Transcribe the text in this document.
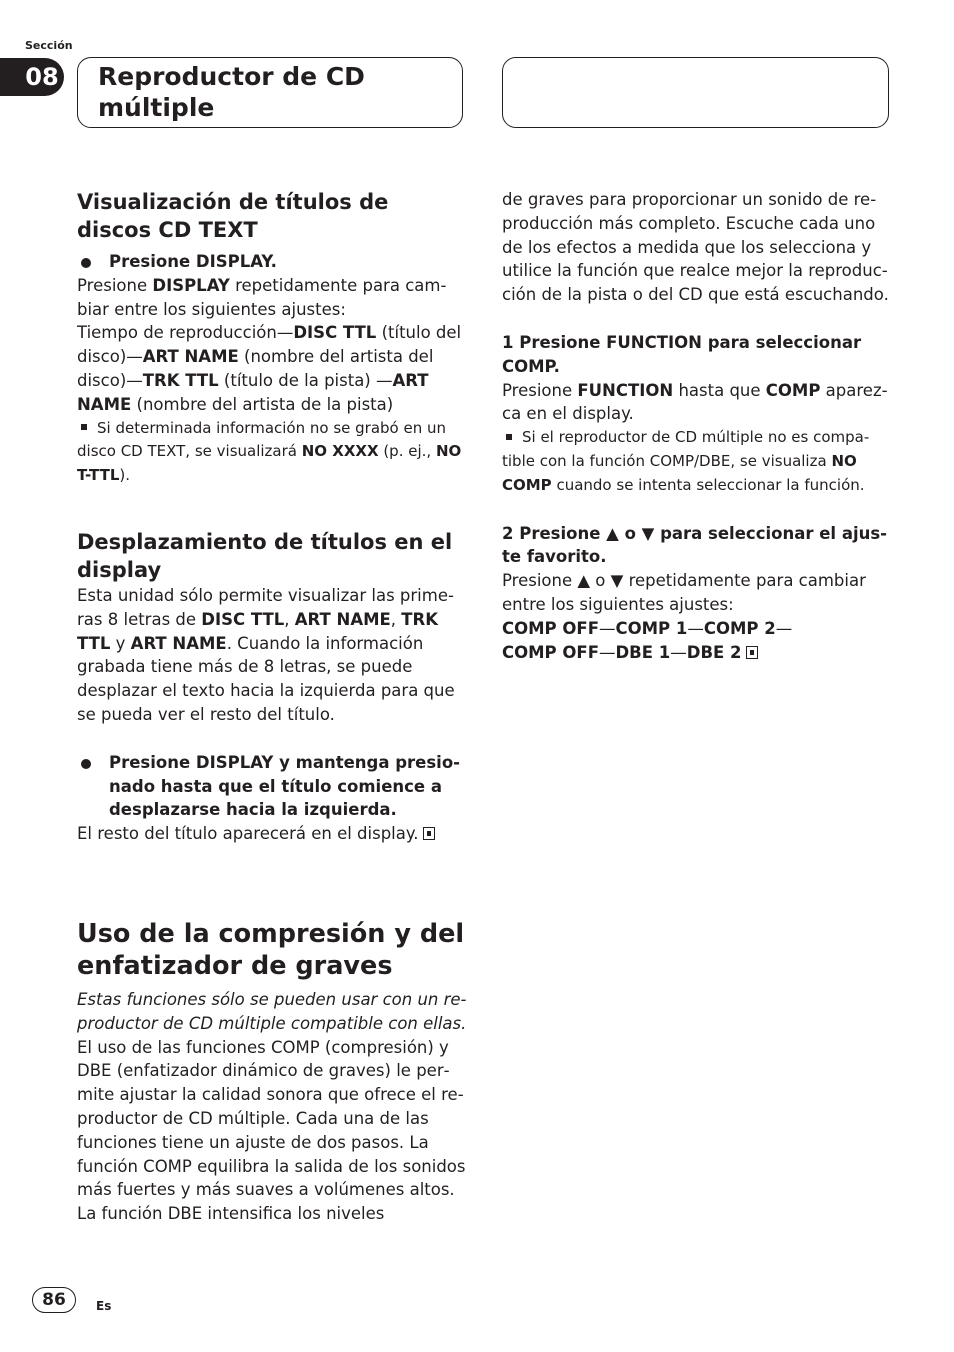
Sección
08	Reproductor de CD múltiple
Visualización de títulos de discos CD TEXT

Presione DISPLAY.

Presione DISPLAY repetidamente para cambiar entre los siguientes ajustes:

Tiempo de reproducción—DISC TTL (título del disco)—ART NAME (nombre del artista del disco)—TRK TTL (título de la pista) —ART NAME (nombre del artista de la pista)

Si determinada información no se grabó en un disco CD TEXT, se visualizará NO XXXX (p. ej., NO T-TTL).

Desplazamiento de títulos en el display

Esta unidad sólo permite visualizar las primeras 8 letras de DISC TTL, ART NAME, TRK TTL y ART NAME. Cuando la información grabada tiene más de 8 letras, se puede desplazar el texto hacia la izquierda para que se pueda ver el resto del título.

Presione DISPLAY y mantenga presionado hasta que el título comience a desplazarse hacia la izquierda.

El resto del título aparecerá en el display.

Uso de la compresión y del enfatizador de graves

Estas funciones sólo se pueden usar con un reproductor de CD múltiple compatible con ellas.

El uso de las funciones COMP (compresión) y DBE (enfatizador dinámico de graves) le permite ajustar la calidad sonora que ofrece el reproductor de CD múltiple. Cada una de las funciones tiene un ajuste de dos pasos. La función COMP equilibra la salida de los sonidos más fuertes y más suaves a volúmenes altos. La función DBE intensifica los niveles

de graves para proporcionar un sonido de reproducción más completo. Escuche cada uno de los efectos a medida que los selecciona y utilice la función que realce mejor la reproducción de la pista o del CD que está escuchando.

1 Presione FUNCTION para seleccionar COMP.

Presione FUNCTION hasta que COMP aparezca en el display.

Si el reproductor de CD múltiple no es compatible con la función COMP/DBE, se visualiza NO COMP cuando se intenta seleccionar la función.

2 Presione ▲ o ▼ para seleccionar el ajuste favorito.

Presione ▲ o ▼ repetidamente para cambiar entre los siguientes ajustes:

COMP OFF—COMP 1—COMP 2—
COMP OFF—DBE 1—DBE 2

86	Es
